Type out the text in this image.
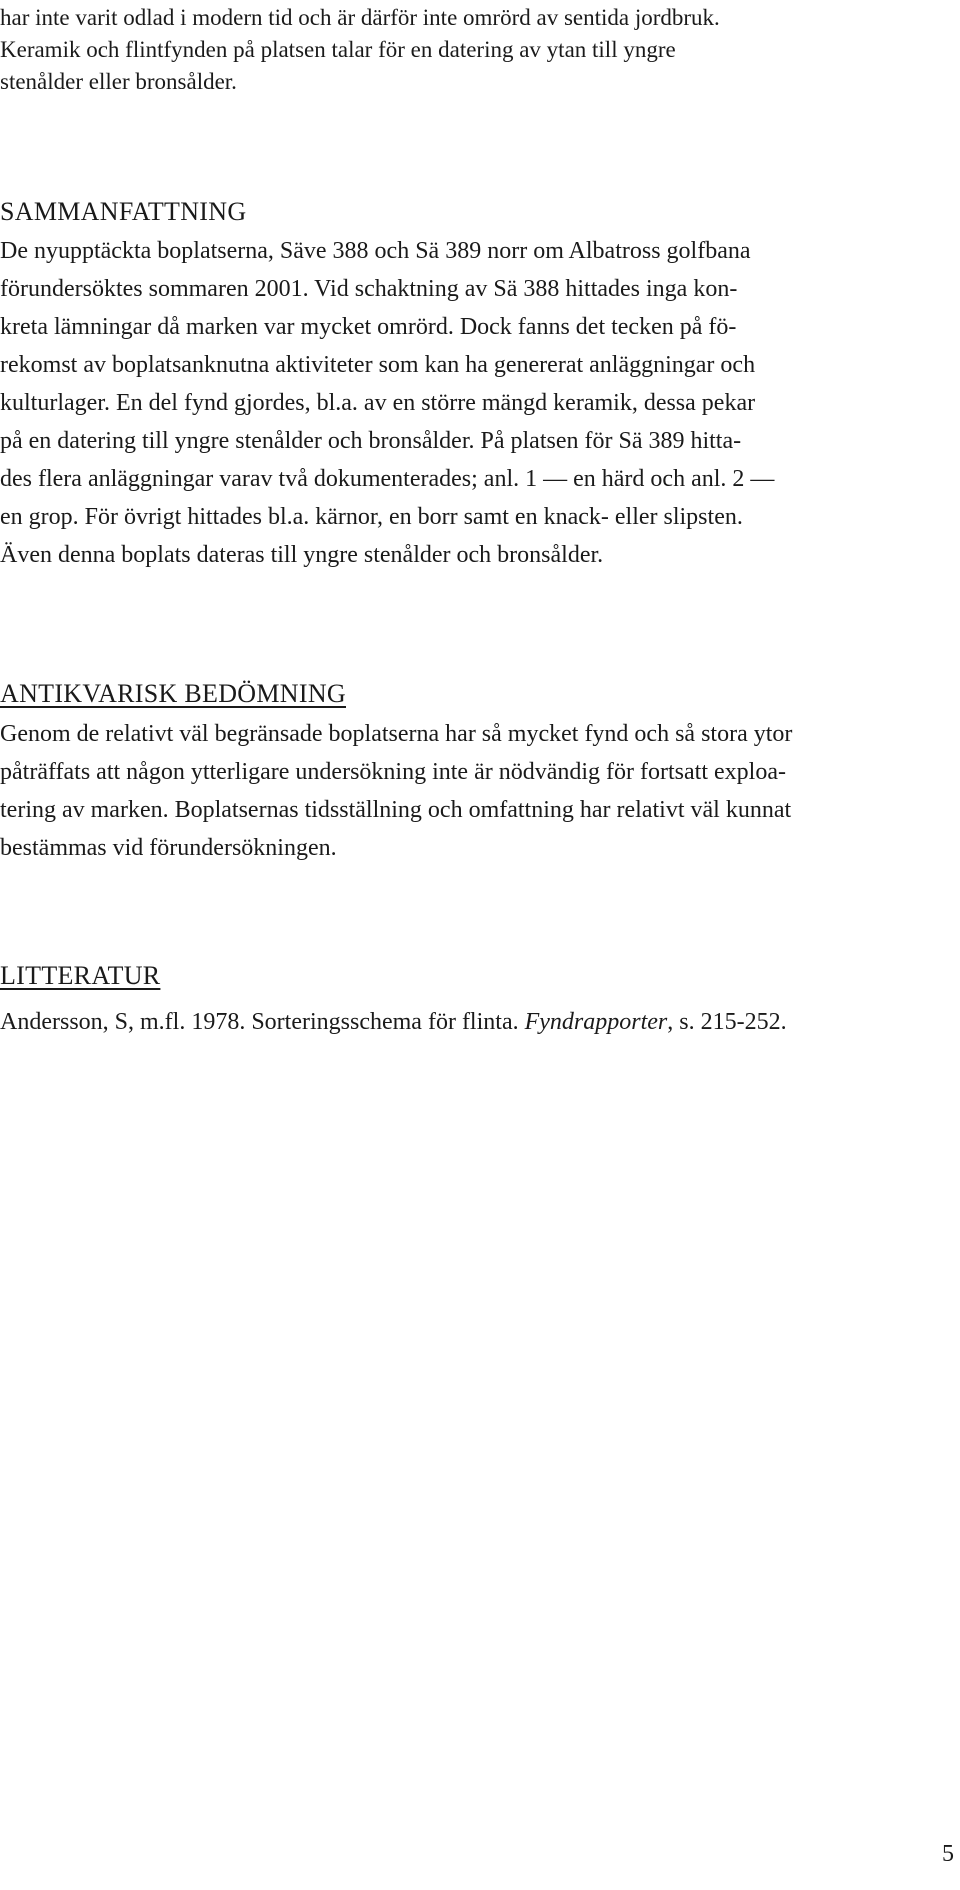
har inte varit odlad i modern tid och är därför inte omrörd av sentida jordbruk.
Keramik och flintfynden på platsen talar för en datering av ytan till yngre
stenålder eller bronsålder.
SAMMANFATTNING
De nyupptäckta boplatserna, Säve 388 och Sä 389 norr om Albatross golfbana
förundersöktes sommaren 2001. Vid schaktning av Sä 388 hittades inga kon-
kreta lämningar då marken var mycket omrörd. Dock fanns det tecken på fö-
rekomst av boplatsanknutna aktiviteter som kan ha genererat anläggningar och
kulturlager. En del fynd gjordes, bl.a. av en större mängd keramik, dessa pekar
på en datering till yngre stenålder och bronsålder. På platsen för Sä 389 hitta-
des flera anläggningar varav två dokumenterades; anl. 1 — en härd och anl. 2 —
en grop. För övrigt hittades bl.a. kärnor, en borr samt en knack- eller slipsten.
Även denna boplats dateras till yngre stenålder och bronsålder.
ANTIKVARISK BEDÖMNING
Genom de relativt väl begränsade boplatserna har så mycket fynd och så stora ytor
påträffats att någon ytterligare undersökning inte är nödvändig för fortsatt exploa-
tering av marken. Boplatsernas tidsställning och omfattning har relativt väl kunnat
bestämmas vid förundersökningen.
LITTERATUR
Andersson, S, m.fl. 1978. Sorteringsschema för flinta. Fyndrapporter, s. 215-252.
5
